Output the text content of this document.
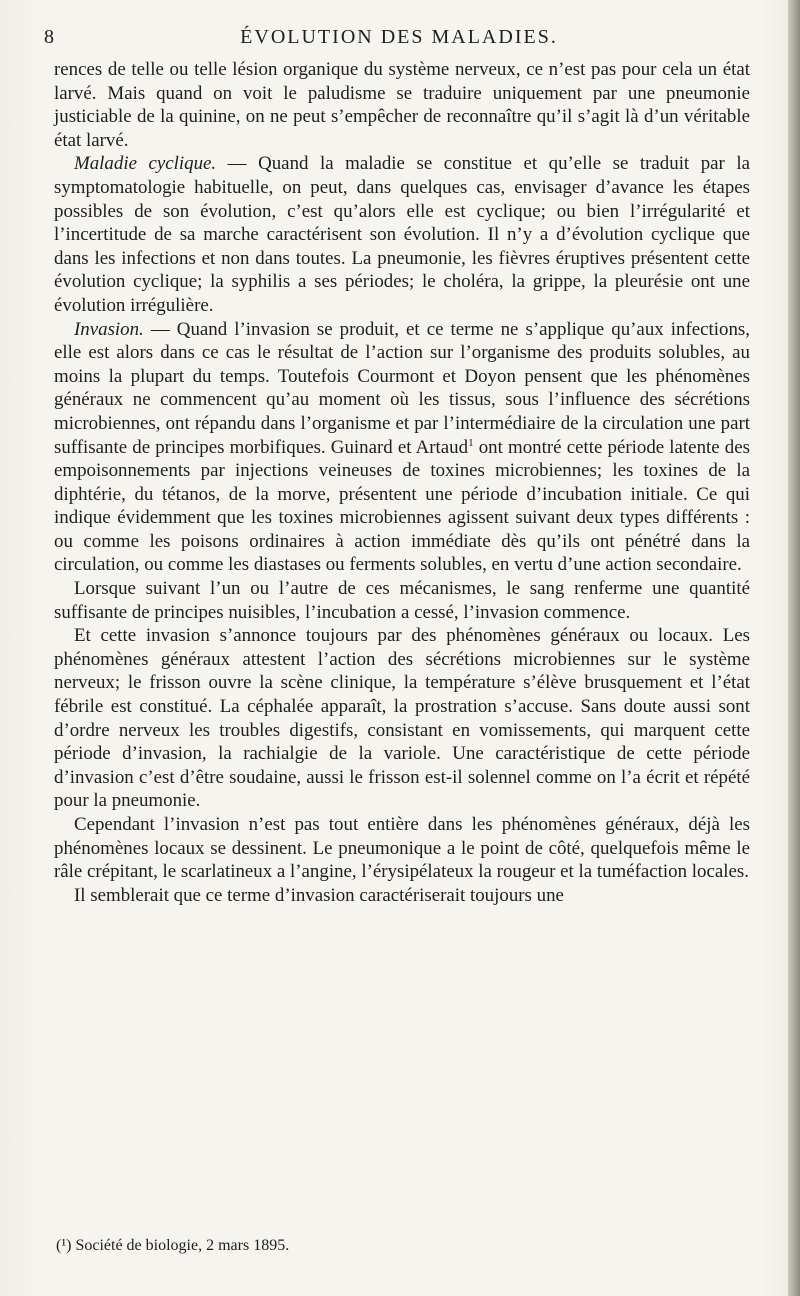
8	ÉVOLUTION DES MALADIES.

rences de telle ou telle lésion organique du système nerveux, ce n’est pas pour cela un état larvé. Mais quand on voit le paludisme se traduire uniquement par une pneumonie justiciable de la quinine, on ne peut s’empêcher de reconnaître qu’il s’agit là d’un véritable état larvé.

Maladie cyclique. — Quand la maladie se constitue et qu’elle se traduit par la symptomatologie habituelle, on peut, dans quelques cas, envisager d’avance les étapes possibles de son évolution, c’est qu’alors elle est cyclique; ou bien l’irrégularité et l’incertitude de sa marche caractérisent son évolution. Il n’y a d’évolution cyclique que dans les infections et non dans toutes. La pneumonie, les fièvres éruptives présentent cette évolution cyclique; la syphilis a ses périodes; le choléra, la grippe, la pleurésie ont une évolution irrégulière.

Invasion. — Quand l’invasion se produit, et ce terme ne s’applique qu’aux infections, elle est alors dans ce cas le résultat de l’action sur l’organisme des produits solubles, au moins la plupart du temps. Toutefois Courmont et Doyon pensent que les phénomènes généraux ne commencent qu’au moment où les tissus, sous l’influence des sécrétions microbiennes, ont répandu dans l’organisme et par l’intermédiaire de la circulation une part suffisante de principes morbifiques. Guinard et Artaud$^1$ ont montré cette période latente des empoisonnements par injections veineuses de toxines microbiennes; les toxines de la diphtérie, du tétanos, de la morve, présentent une période d’incubation initiale. Ce qui indique évidemment que les toxines microbiennes agissent suivant deux types différents : ou comme les poisons ordinaires à action immédiate dès qu’ils ont pénétré dans la circulation, ou comme les diastases ou ferments solubles, en vertu d’une action secondaire.

Lorsque suivant l’un ou l’autre de ces mécanismes, le sang renferme une quantité suffisante de principes nuisibles, l’incubation a cessé, l’invasion commence.

Et cette invasion s’annonce toujours par des phénomènes généraux ou locaux. Les phénomènes généraux attestent l’action des sécrétions microbiennes sur le système nerveux; le frisson ouvre la scène clinique, la température s’élève brusquement et l’état fébrile est constitué. La céphalée apparaît, la prostration s’accuse. Sans doute aussi sont d’ordre nerveux les troubles digestifs, consistant en vomissements, qui marquent cette période d’invasion, la rachialgie de la variole. Une caractéristique de cette période d’invasion c’est d’être soudaine, aussi le frisson est-il solennel comme on l’a écrit et répété pour la pneumonie.

Cependant l’invasion n’est pas tout entière dans les phénomènes généraux, déjà les phénomènes locaux se dessinent. Le pneumonique a le point de côté, quelquefois même le râle crépitant, le scarlatineux a l’angine, l’érysipélateux la rougeur et la tuméfaction locales.

Il semblerait que ce terme d’invasion caractériserait toujours une

(¹) Société de biologie, 2 mars 1895.
